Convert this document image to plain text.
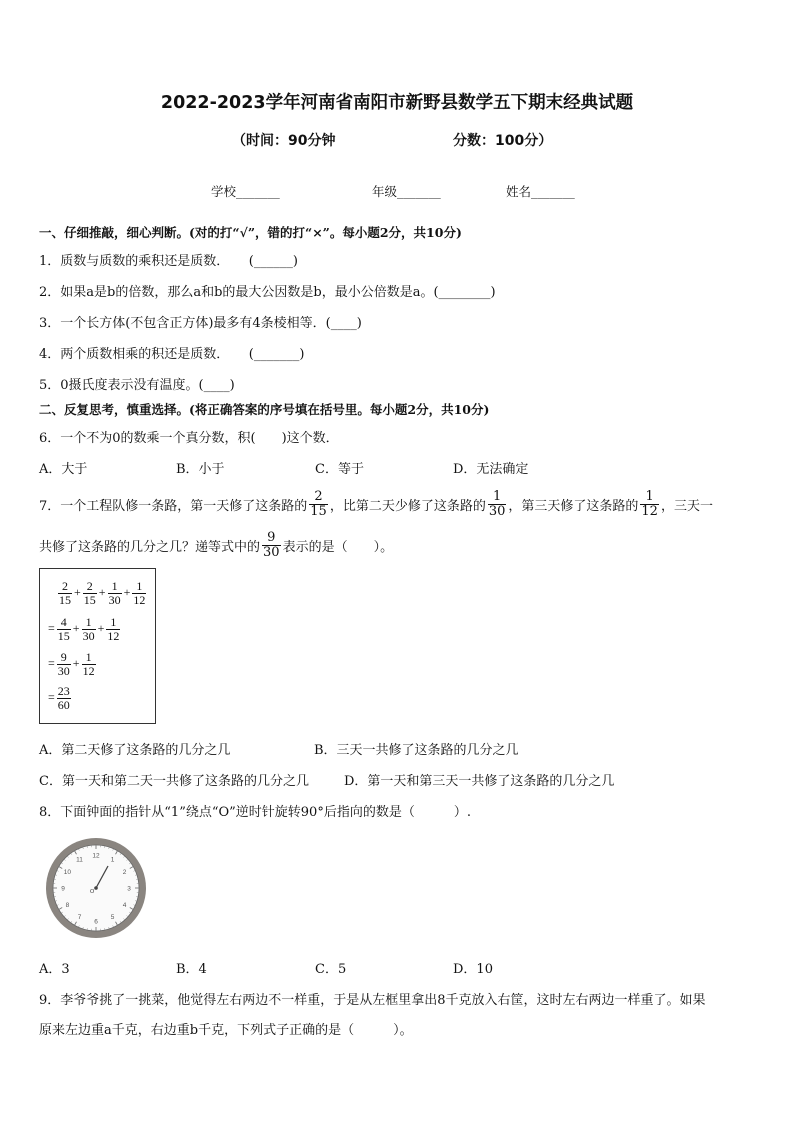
2022-2023学年河南省南阳市新野县数学五下期末经典试题
（时间：90分钟	分数：100分）
学校_______	年级_______	姓名_______
一、仔细推敲，细心判断。(对的打“√”，错的打“×”。每小题2分，共10分)
1．质数与质数的乘积还是质数．　　(______)
2．如果a是b的倍数，那么a和b的最大公因数是b，最小公倍数是a。(________)
3．一个长方体(不包含正方体)最多有4条棱相等．(____)
4．两个质数相乘的积还是质数．　　(_______)
5．0摄氏度表示没有温度。(____)
二、反复思考，慎重选择。(将正确答案的序号填在括号里。每小题2分，共10分)
6．一个不为0的数乘一个真分数，积(　　)这个数．
A．大于	B．小于	C．等于	D．无法确定
7．一个工程队修一条路，第一天修了这条路的 $\frac{2}{15}$ ，比第二天少修了这条路的 $\frac{1}{30}$ ，第三天修了这条路的 $\frac{1}{12}$ ，三天一
共修了这条路的几分之几？递等式中的 $\frac{9}{30}$ 表示的是（　　）。
$\frac{2}{15} + \frac{2}{15} + \frac{1}{30} + \frac{1}{12}$
= $\frac{4}{15} + \frac{1}{30} + \frac{1}{12}$
= $\frac{9}{30} + \frac{1}{12}$
= $\frac{23}{60}$
A．第二天修了这条路的几分之几	B．三天一共修了这条路的几分之几
C．第一天和第二天一共修了这条路的几分之几	D．第一天和第三天一共修了这条路的几分之几
8．下面钟面的指针从“1”绕点“O”逆时针旋转90°后指向的数是（　　　）.
12
1
2
3
4
5
6
7
8
9
10
11
O
A．3	B．4	C．5	D．10
9．李爷爷挑了一挑菜，他觉得左右两边不一样重，于是从左框里拿出8千克放入右筐，这时左右两边一样重了。如果
原来左边重a千克，右边重b千克，下列式子正确的是（　　　）。
